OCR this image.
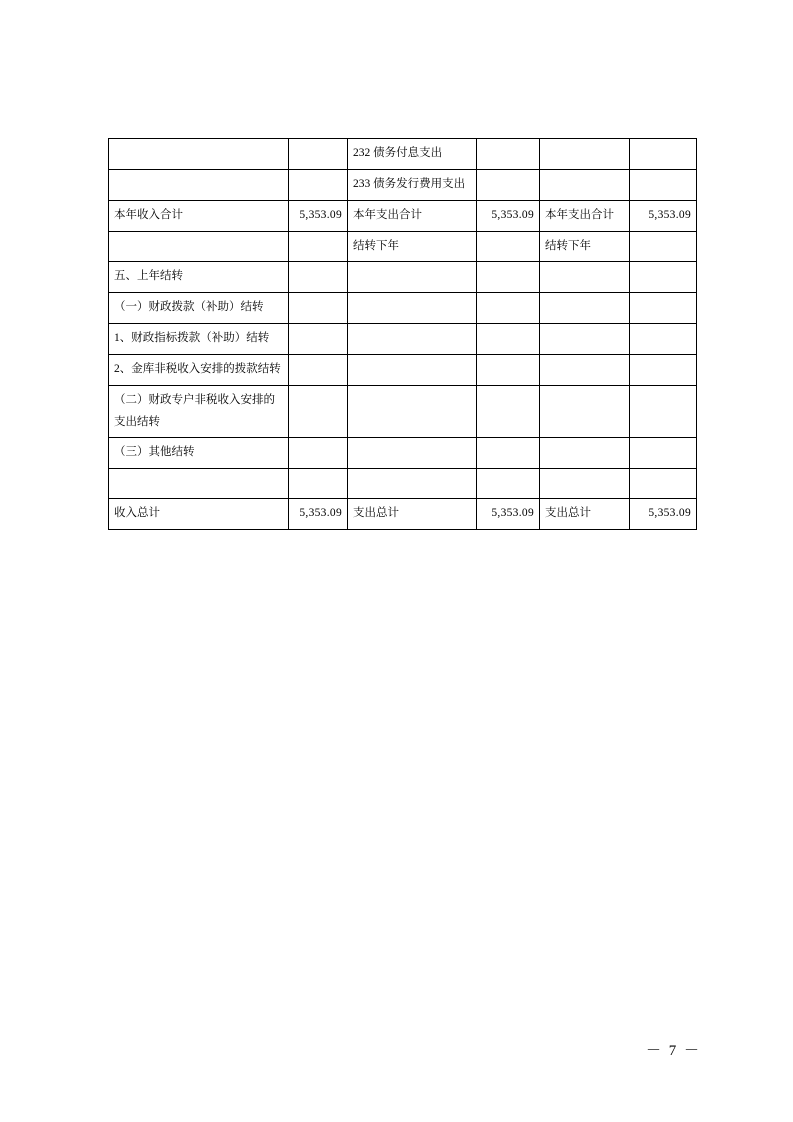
		232 债务付息支出			
		233 债务发行费用支出			
本年收入合计	5,353.09	本年支出合计	5,353.09	本年支出合计	5,353.09
		结转下年		结转下年	
五、上年结转					
（一）财政拨款（补助）结转					
1、财政指标拨款（补助）结转					
2、金库非税收入安排的拨款结转					
（二）财政专户非税收入安排的支出结转					
（三）其他结转					

收入总计	5,353.09	支出总计	5,353.09	支出总计	5,353.09
－ 7 －
